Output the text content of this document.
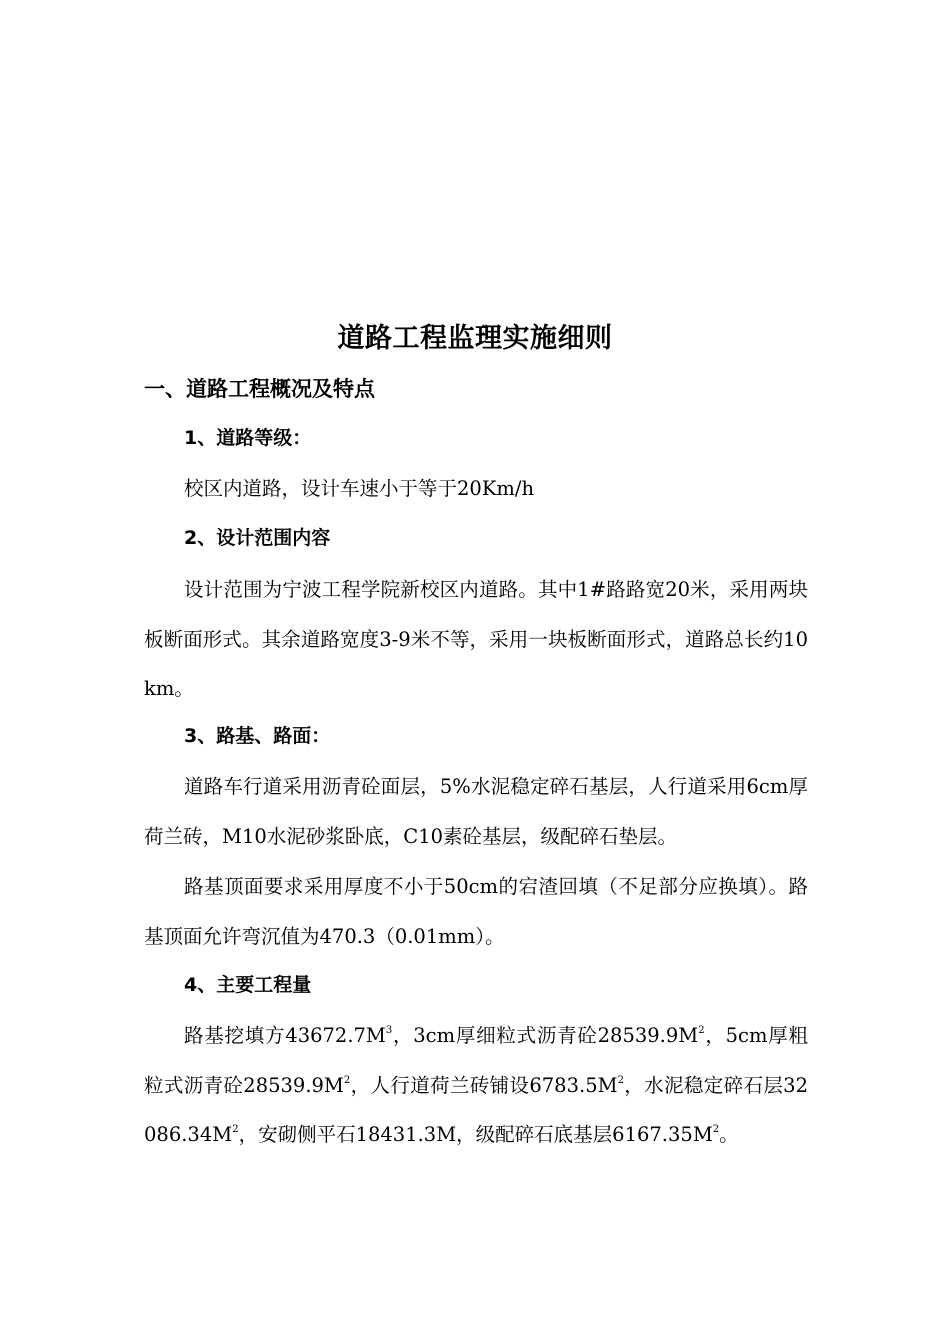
道路工程监理实施细则
一、道路工程概况及特点
1、道路等级：

校区内道路，设计车速小于等于20Km/h

2、设计范围内容

设计范围为宁波工程学院新校区内道路。其中1#路路宽20米，采用两块板断面形式。其余道路宽度3-9米不等，采用一块板断面形式，道路总长约10km。

3、路基、路面：

道路车行道采用沥青砼面层，5%水泥稳定碎石基层，人行道采用6cm厚荷兰砖，M10水泥砂浆卧底，C10素砼基层，级配碎石垫层。

路基顶面要求采用厚度不小于50cm的宕渣回填（不足部分应换填）。路基顶面允许弯沉值为470.3（0.01mm）。

4、主要工程量

路基挖填方$43672.7M^3$，3cm厚细粒式沥青砼$28539.9M^2$，5cm厚粗粒式沥青砼$28539.9M^2$，人行道荷兰砖铺设$6783.5M^2$，水泥稳定碎石层$32086.34M^2$，安砌侧平石18431.3M，级配碎石底基层$6167.35M^2$。
